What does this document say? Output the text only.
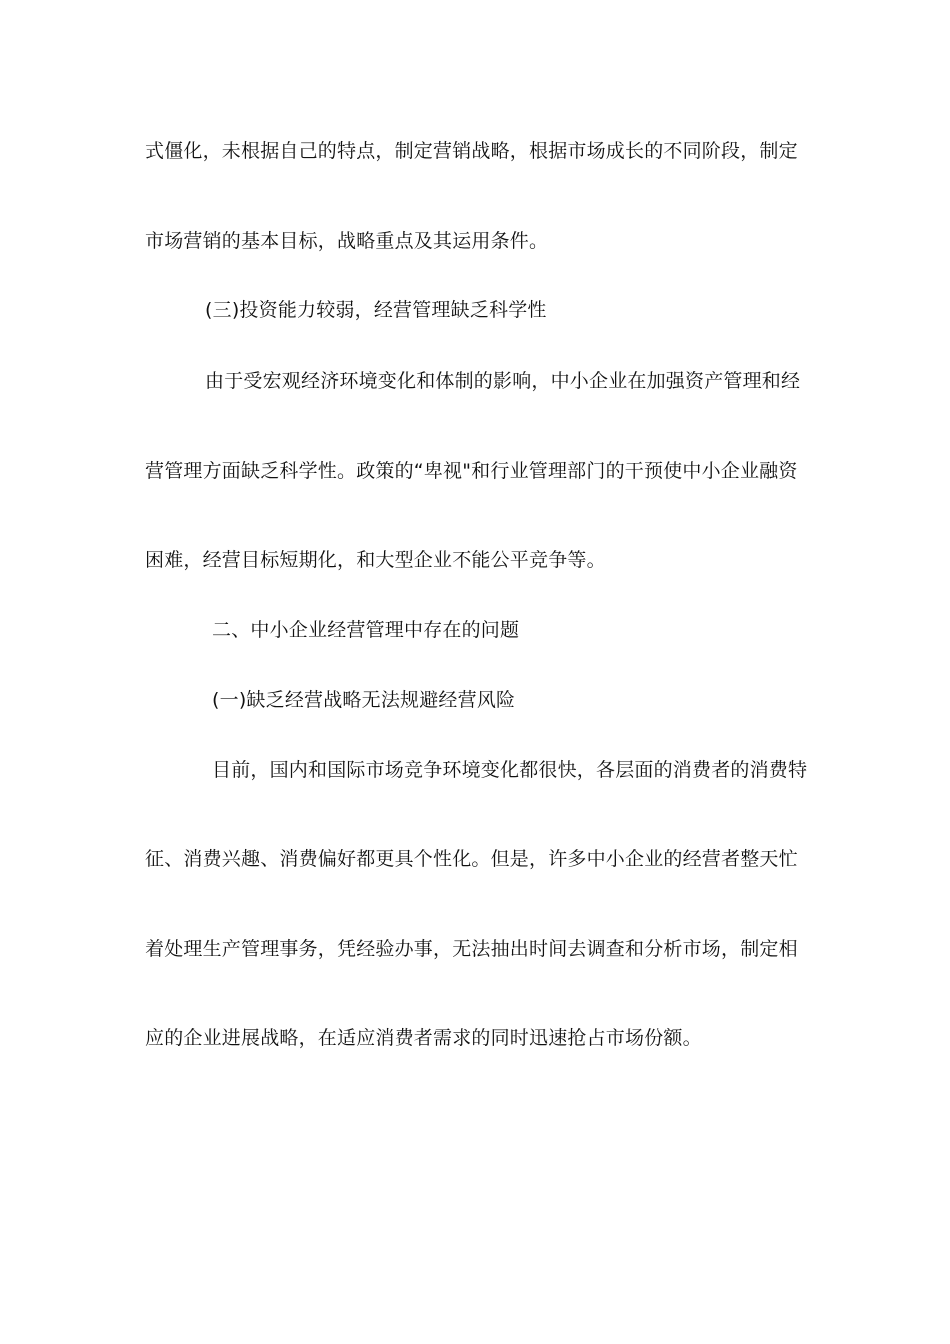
式僵化，未根据自己的特点，制定营销战略，根据市场成长的不同阶段，制定
市场营销的基本目标，战略重点及其运用条件。
(三)投资能力较弱，经营管理缺乏科学性
由于受宏观经济环境变化和体制的影响，中小企业在加强资产管理和经
营管理方面缺乏科学性。政策的“卑视"和行业管理部门的干预使中小企业融资
困难，经营目标短期化，和大型企业不能公平竞争等。
二、中小企业经营管理中存在的问题
(一)缺乏经营战略无法规避经营风险
目前，国内和国际市场竞争环境变化都很快，各层面的消费者的消费特
征、消费兴趣、消费偏好都更具个性化。但是，许多中小企业的经营者整天忙
着处理生产管理事务，凭经验办事，无法抽出时间去调查和分析市场，制定相
应的企业进展战略，在适应消费者需求的同时迅速抢占市场份额。
